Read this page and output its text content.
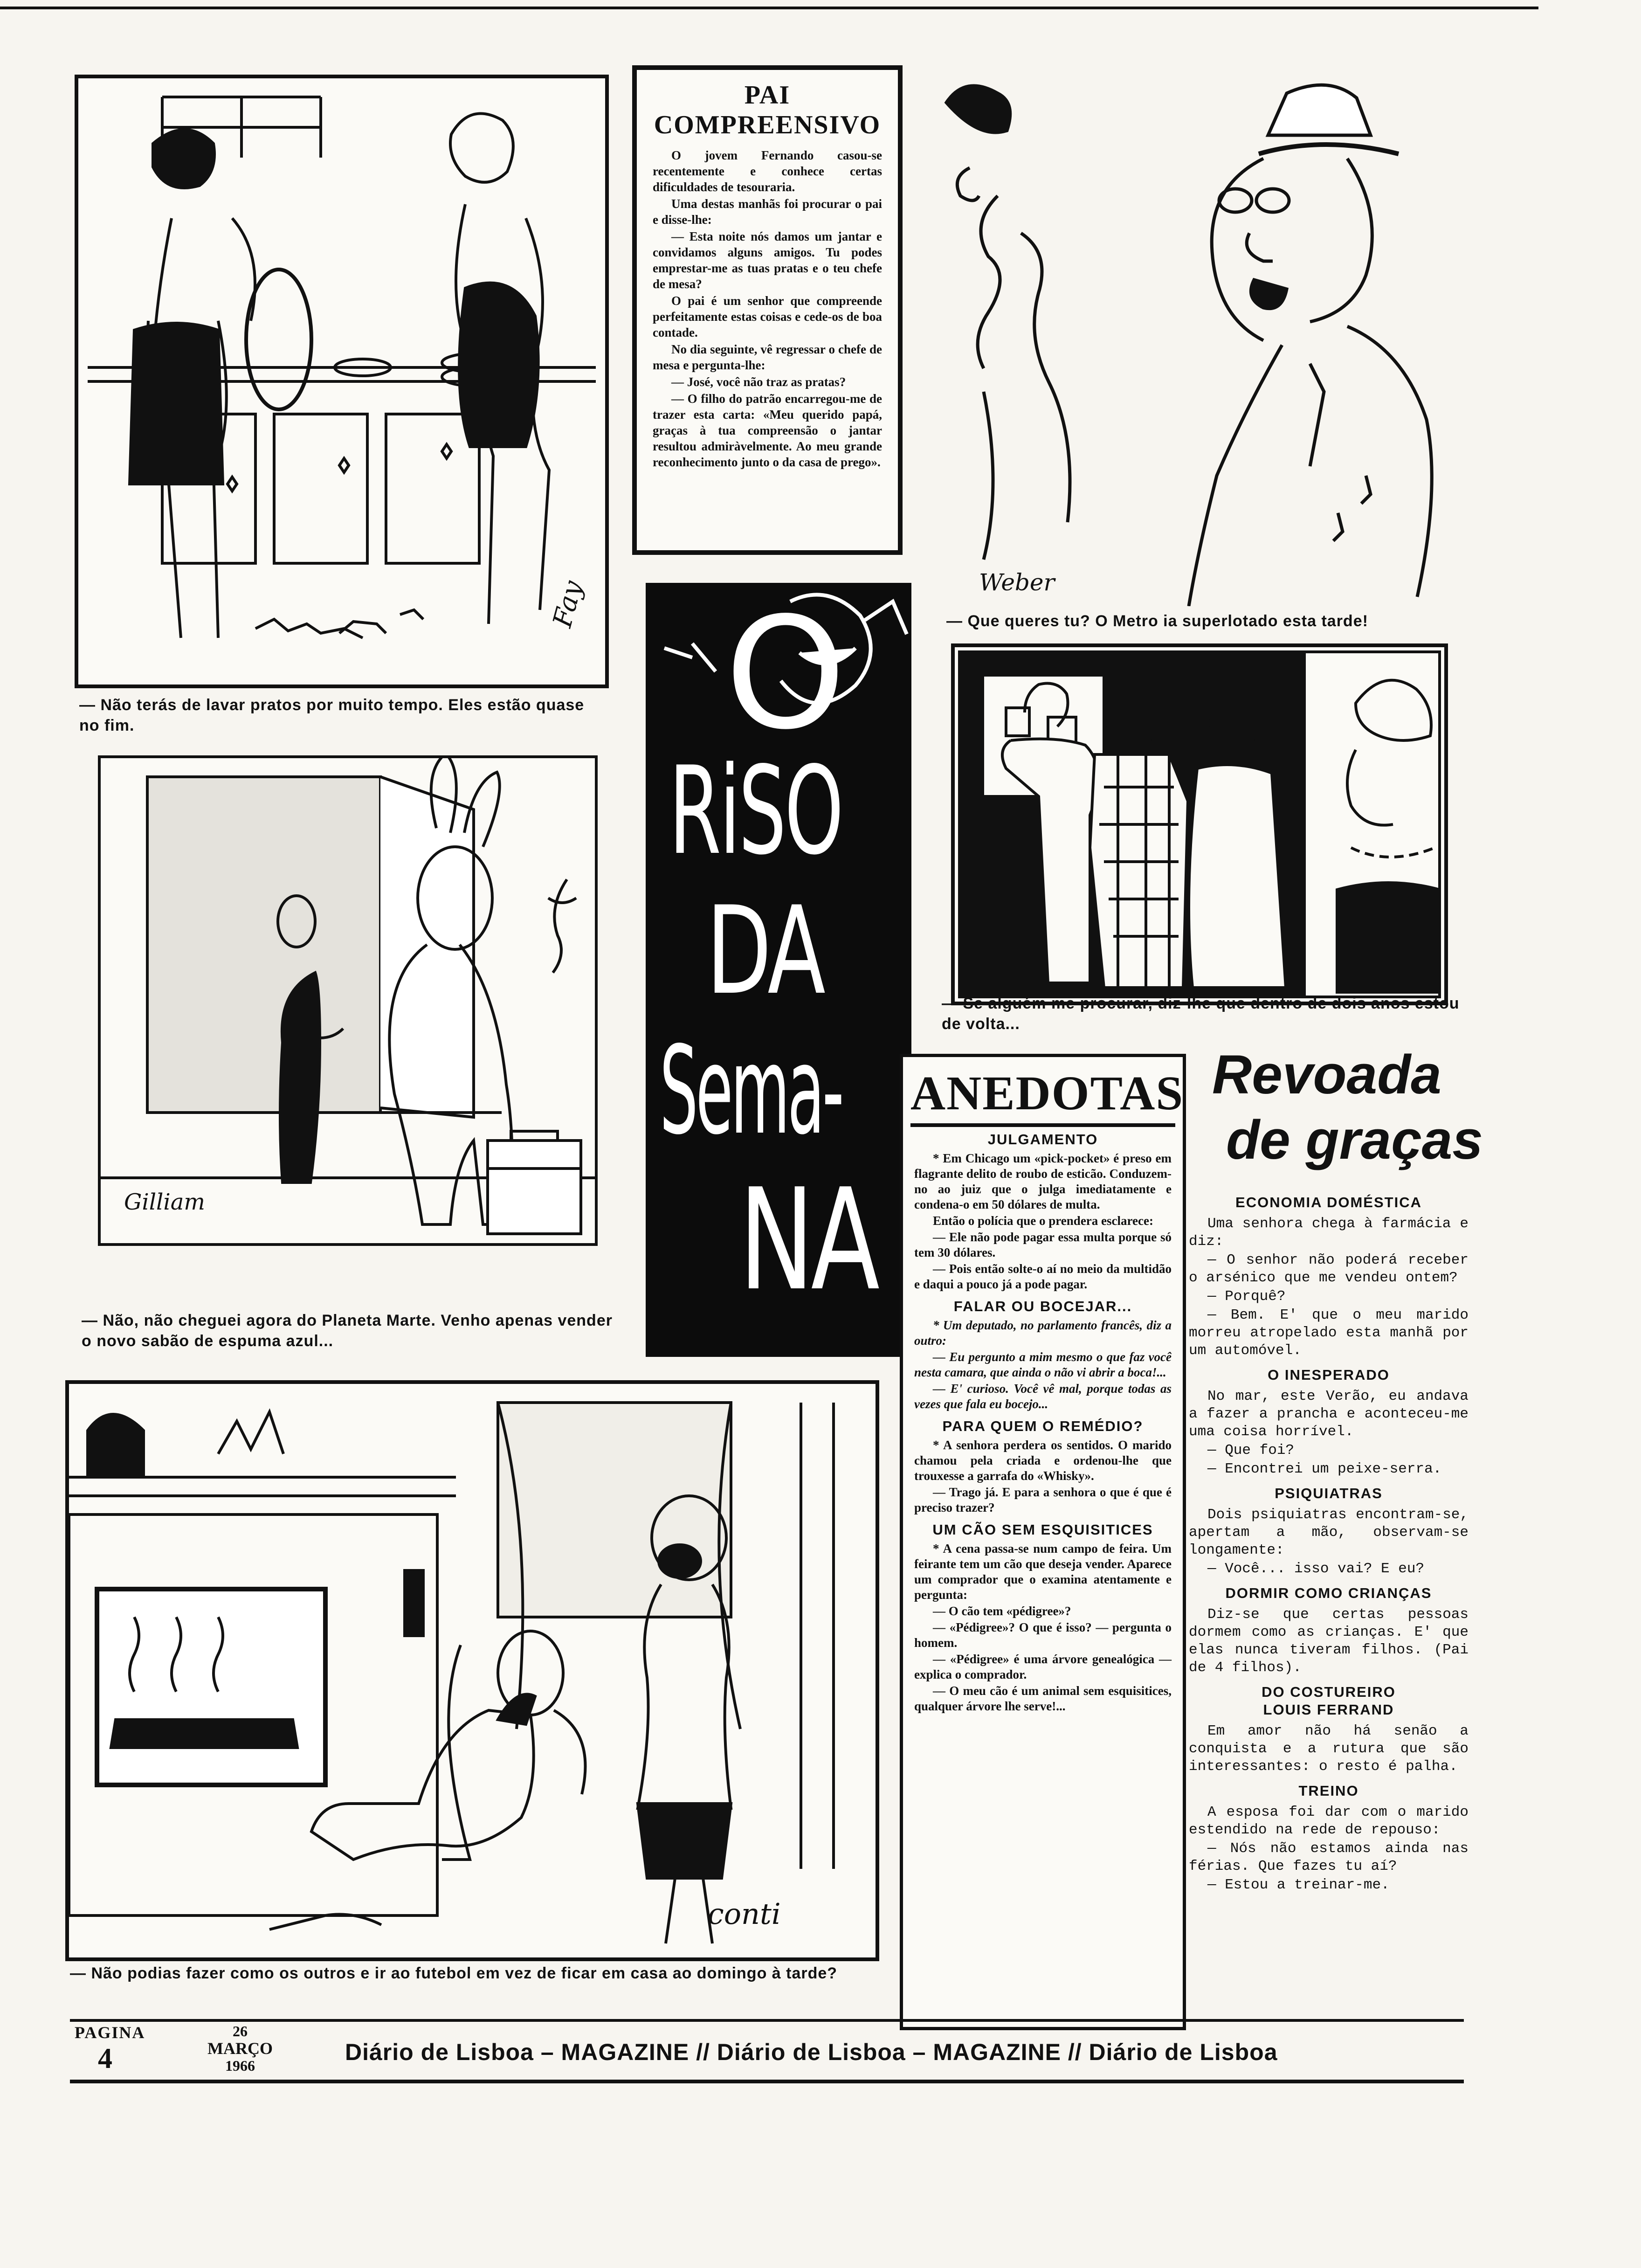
Fay
— Não terás de lavar pratos por muito tempo. Eles estão quase no fim.
Gilliam
— Não, não cheguei agora do Planeta Marte. Venho apenas vender o novo sabão de espuma azul...
conti
— Não podias fazer como os outros e ir ao futebol em vez de ficar em casa ao domingo à tarde?
PAI COMPREENSIVO

O jovem Fernando casou-se recentemente e conhece certas dificuldades de tesouraria.

Uma destas manhãs foi procurar o pai e disse-lhe:

— Esta noite nós damos um jantar e convidamos alguns amigos. Tu podes emprestar-me as tuas pratas e o teu chefe de mesa?

O pai é um senhor que compreende perfeitamente estas coisas e cede-os de boa contade.

No dia seguinte, vê regressar o chefe de mesa e pergunta-lhe:

— José, você não traz as pratas?

— O filho do patrão encarregou-me de trazer esta carta: «Meu querido papá, graças à tua compreensão o jantar resultou admiràvelmente. Ao meu grande reconhecimento junto o da casa de prego».

O
RiSO
DA
Sema-
NA
Weber
— Que queres tu? O Metro ia superlotado esta tarde!
— Se alguém me procurar, diz-lhe que dentro de dois anos estou de volta...
ANEDOTAS
JULGAMENTO

* Em Chicago um «pick-pocket» é preso em flagrante delito de roubo de esticão. Conduzem-no ao juiz que o julga imediatamente e condena-o em 50 dólares de multa.

Então o polícia que o prendera esclarece:

— Ele não pode pagar essa multa porque só tem 30 dólares.

— Pois então solte-o aí no meio da multidão e daqui a pouco já a pode pagar.

FALAR OU BOCEJAR...

* Um deputado, no parlamento francês, diz a outro:

— Eu pergunto a mim mesmo o que faz você nesta camara, que ainda o não vi abrir a boca!...

— E' curioso. Você vê mal, porque todas as vezes que fala eu bocejo...

PARA QUEM O REMÉDIO?

* A senhora perdera os sentidos. O marido chamou pela criada e ordenou-lhe que trouxesse a garrafa do «Whisky».

— Trago já. E para a senhora o que é que é preciso trazer?

UM CÃO SEM ESQUISITICES

* A cena passa-se num campo de feira. Um feirante tem um cão que deseja vender. Aparece um comprador que o examina atentamente e pergunta:

— O cão tem «pédigree»?

— «Pédigree»? O que é isso? — pergunta o homem.

— «Pédigree» é uma árvore genealógica — explica o comprador.

— O meu cão é um animal sem esquisitices, qualquer árvore lhe serve!...

Revoada
de graças
ECONOMIA DOMÉSTICA

Uma senhora chega à farmácia e diz:

— O senhor não poderá receber o arsénico que me vendeu ontem?

— Porquê?

— Bem. E' que o meu marido morreu atropelado esta manhã por um automóvel.

O INESPERADO

No mar, este Verão, eu andava a fazer a prancha e aconteceu-me uma coisa horrível.

— Que foi?

— Encontrei um peixe-serra.

PSIQUIATRAS

Dois psiquiatras encontram-se, apertam a mão, observam-se longamente:

— Você... isso vai? E eu?

DORMIR COMO CRIANÇAS

Diz-se que certas pessoas dormem como as crianças. E' que elas nunca tiveram filhos. (Pai de 4 filhos).

DO COSTUREIRO
LOUIS FERRAND

Em amor não há senão a conquista e a rutura que são interessantes: o resto é palha.

TREINO

A esposa foi dar com o marido estendido na rede de repouso:

— Nós não estamos ainda nas férias. Que fazes tu aí?

— Estou a treinar-me.

PAGINA
4
26
MARÇO
1966
Diário de Lisboa – MAGAZINE // Diário de Lisboa – MAGAZINE // Diário de Lisboa
